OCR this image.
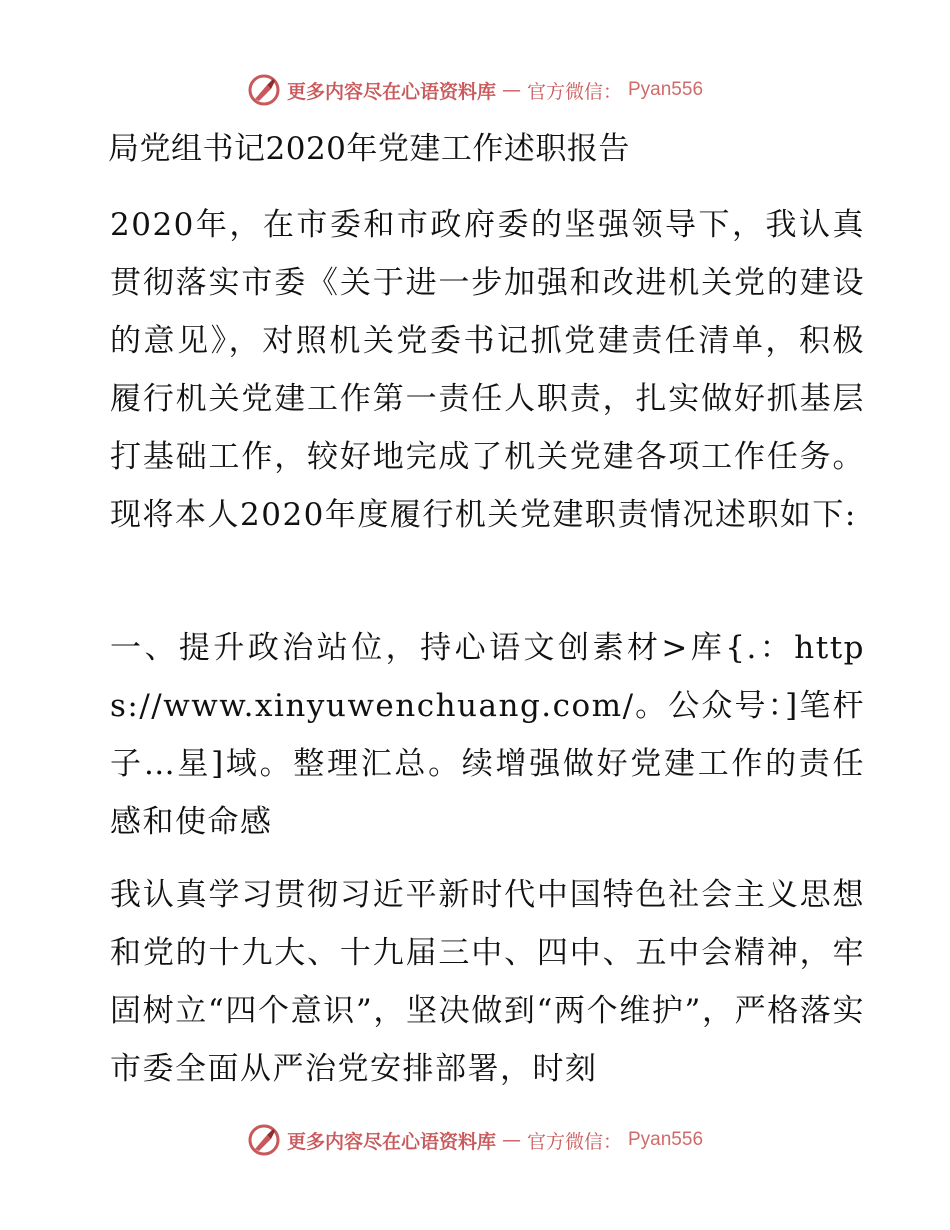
更多内容尽在心语资料库 — 官方微信： Pyan556
局党组书记2020年党建工作述职报告

2020年，在市委和市政府委的坚强领导下，我认真贯彻落实市委《关于进一步加强和改进机关党的建设的意见》，对照机关党委书记抓党建责任清单，积极履行机关党建工作第一责任人职责，扎实做好抓基层打基础工作，较好地完成了机关党建各项工作任务。现将本人2020年度履行机关党建职责情况述职如下:

一、提升政治站位，持心语文创素材>库{.：https://www.xinyuwenchuang.com/。公众号：]笔杆子…星]域。整理汇总。续增强做好党建工作的责任感和使命感

我认真学习贯彻习近平新时代中国特色社会主义思想和党的十九大、十九届三中、四中、五中会精神，牢固树立“四个意识”，坚决做到“两个维护”，严格落实市委全面从严治党安排部署，时刻

更多内容尽在心语资料库 — 官方微信： Pyan556
